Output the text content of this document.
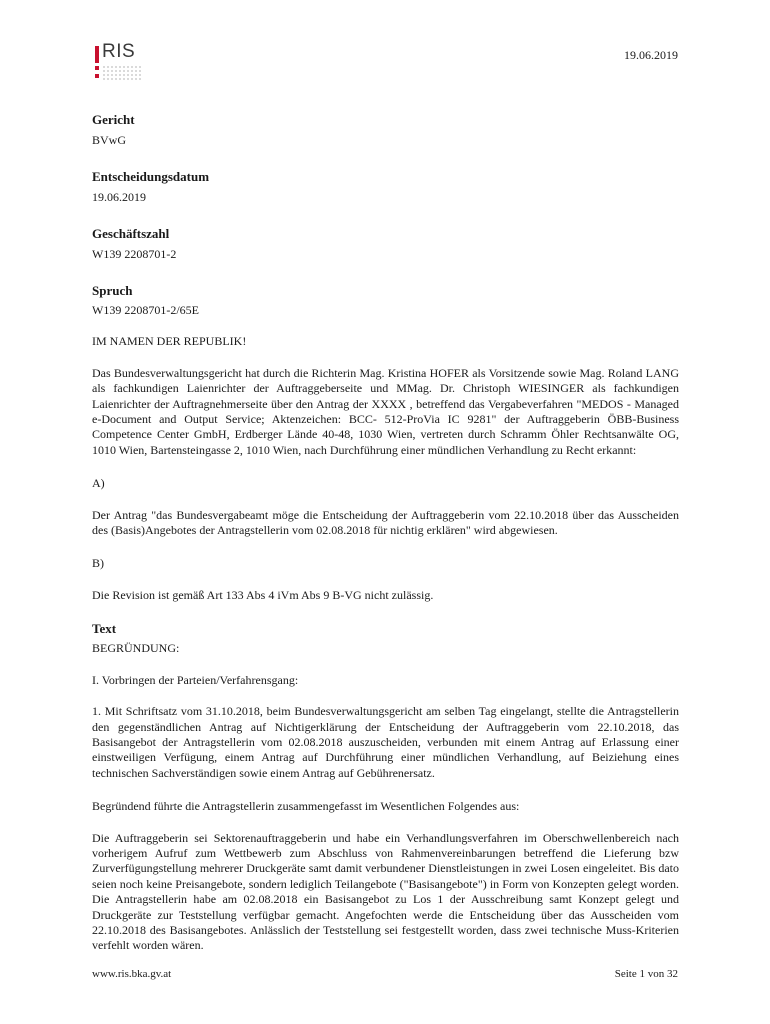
RIS	19.06.2019

Gericht

BVwG

Entscheidungsdatum

19.06.2019

Geschäftszahl

W139 2208701-2

Spruch

W139 2208701-2/65E

IM NAMEN DER REPUBLIK!

Das Bundesverwaltungsgericht hat durch die Richterin Mag. Kristina HOFER als Vorsitzende sowie Mag. Roland LANG als fachkundigen Laienrichter der Auftraggeberseite und MMag. Dr. Christoph WIESINGER als fachkundigen Laienrichter der Auftragnehmerseite über den Antrag der XXXX , betreffend das Vergabeverfahren "MEDOS - Managed e-Document and Output Service; Aktenzeichen: BCC- 512-ProVia IC 9281" der Auftraggeberin ÖBB-Business Competence Center GmbH, Erdberger Lände 40-48, 1030 Wien, vertreten durch Schramm Öhler Rechtsanwälte OG, 1010 Wien, Bartensteingasse 2, 1010 Wien, nach Durchführung einer mündlichen Verhandlung zu Recht erkannt:

A)

Der Antrag "das Bundesvergabeamt möge die Entscheidung der Auftraggeberin vom 22.10.2018 über das Ausscheiden des (Basis)Angebotes der Antragstellerin vom 02.08.2018 für nichtig erklären" wird abgewiesen.

B)

Die Revision ist gemäß Art 133 Abs 4 iVm Abs 9 B-VG nicht zulässig.

Text

BEGRÜNDUNG:

I. Vorbringen der Parteien/Verfahrensgang:

1. Mit Schriftsatz vom 31.10.2018, beim Bundesverwaltungsgericht am selben Tag eingelangt, stellte die Antragstellerin den gegenständlichen Antrag auf Nichtigerklärung der Entscheidung der Auftraggeberin vom 22.10.2018, das Basisangebot der Antragstellerin vom 02.08.2018 auszuscheiden, verbunden mit einem Antrag auf Erlassung einer einstweiligen Verfügung, einem Antrag auf Durchführung einer mündlichen Verhandlung, auf Beiziehung eines technischen Sachverständigen sowie einem Antrag auf Gebührenersatz.

Begründend führte die Antragstellerin zusammengefasst im Wesentlichen Folgendes aus:

Die Auftraggeberin sei Sektorenauftraggeberin und habe ein Verhandlungsverfahren im Oberschwellenbereich nach vorherigem Aufruf zum Wettbewerb zum Abschluss von Rahmenvereinbarungen betreffend die Lieferung bzw Zurverfügungstellung mehrerer Druckgeräte samt damit verbundener Dienstleistungen in zwei Losen eingeleitet. Bis dato seien noch keine Preisangebote, sondern lediglich Teilangebote ("Basisangebote") in Form von Konzepten gelegt worden. Die Antragstellerin habe am 02.08.2018 ein Basisangebot zu Los 1 der Ausschreibung samt Konzept gelegt und Druckgeräte zur Teststellung verfügbar gemacht. Angefochten werde die Entscheidung über das Ausscheiden vom 22.10.2018 des Basisangebotes. Anlässlich der Teststellung sei festgestellt worden, dass zwei technische Muss-Kriterien verfehlt worden wären.

www.ris.bka.gv.at	Seite 1 von 32
